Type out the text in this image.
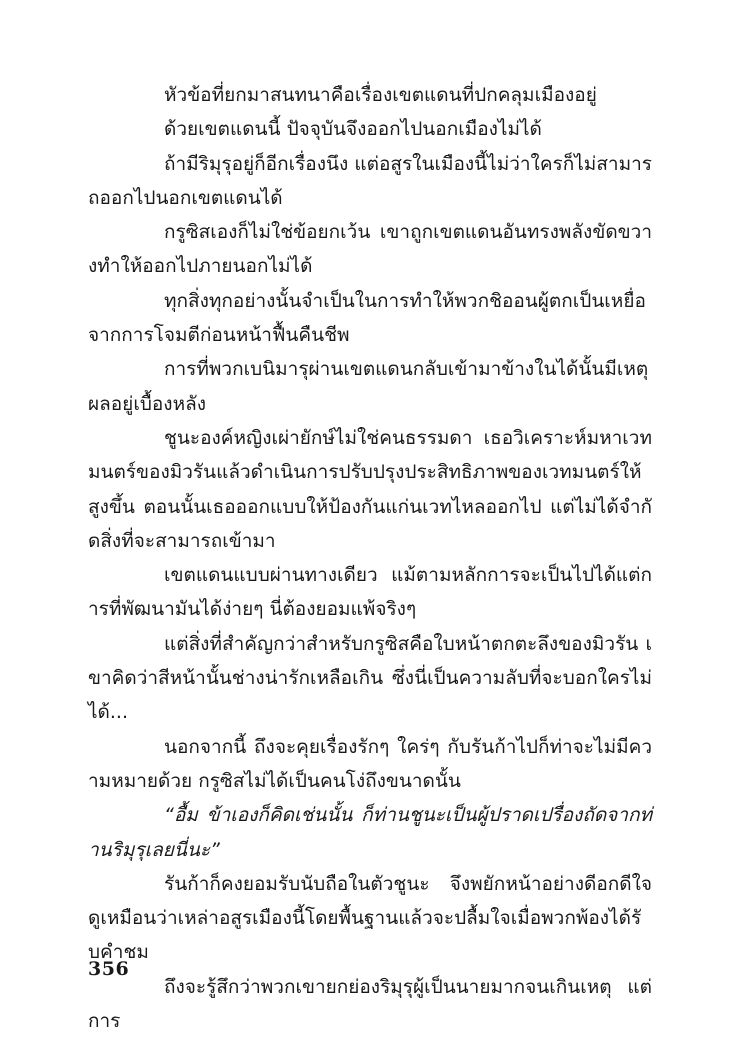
หัวข้อที่ยกมาสนทนาคือเรื่องเขตแดนที่ปกคลุมเมืองอยู่

ด้วยเขตแดนนี้ ปัจจุบันจึงออกไปนอกเมืองไม่ได้

ถ้ามีริมุรุอยู่ก็อีกเรื่องนึง แต่อสูรในเมืองนี้ไม่ว่าใครก็ไม่สามารถออกไปนอกเขตแดนได้

กรูซิสเองก็ไม่ใช่ข้อยกเว้น เขาถูกเขตแดนอันทรงพลังขัดขวางทำให้ออกไปภายนอกไม่ได้

ทุกสิ่งทุกอย่างนั้นจำเป็นในการทำให้พวกชิออนผู้ตกเป็นเหยื่อจากการโจมตีก่อนหน้าฟื้นคืนชีพ

การที่พวกเบนิมารุผ่านเขตแดนกลับเข้ามาข้างในได้นั้นมีเหตุผลอยู่เบื้องหลัง

ชูนะองค์หญิงเผ่ายักษ์ไม่ใช่คนธรรมดา เธอวิเคราะห์มหาเวทมนตร์ของมิวรันแล้วดำเนินการปรับปรุงประสิทธิภาพของเวทมนตร์ให้สูงขึ้น ตอนนั้นเธอออกแบบให้ป้องกันแก่นเวทไหลออกไป แต่ไม่ได้จำกัดสิ่งที่จะสามารถเข้ามา

เขตแดนแบบผ่านทางเดียว แม้ตามหลักการจะเป็นไปได้แต่การที่พัฒนามันได้ง่ายๆ นี่ต้องยอมแพ้จริงๆ

แต่สิ่งที่สำคัญกว่าสำหรับกรูซิสคือใบหน้าตกตะลึงของมิวรัน เขาคิดว่าสีหน้านั้นช่างน่ารักเหลือเกิน ซึ่งนี่เป็นความลับที่จะบอกใครไม่ได้...

นอกจากนี้ ถึงจะคุยเรื่องรักๆ ใคร่ๆ กับรันก้าไปก็ท่าจะไม่มีความหมายด้วย กรูซิสไม่ได้เป็นคนโง่ถึงขนาดนั้น

“อื้ม ข้าเองก็คิดเช่นนั้น ก็ท่านชูนะเป็นผู้ปราดเปรื่องถัดจากท่านริมุรุเลยนี่นะ”

รันก้าก็คงยอมรับนับถือในตัวชูนะ จึงพยักหน้าอย่างดีอกดีใจ ดูเหมือนว่าเหล่าอสูรเมืองนี้โดยพื้นฐานแล้วจะปลื้มใจเมื่อพวกพ้องได้รับคำชม

ถึงจะรู้สึกว่าพวกเขายกย่องริมุรุผู้เป็นนายมากจนเกินเหตุ แต่การ

356
